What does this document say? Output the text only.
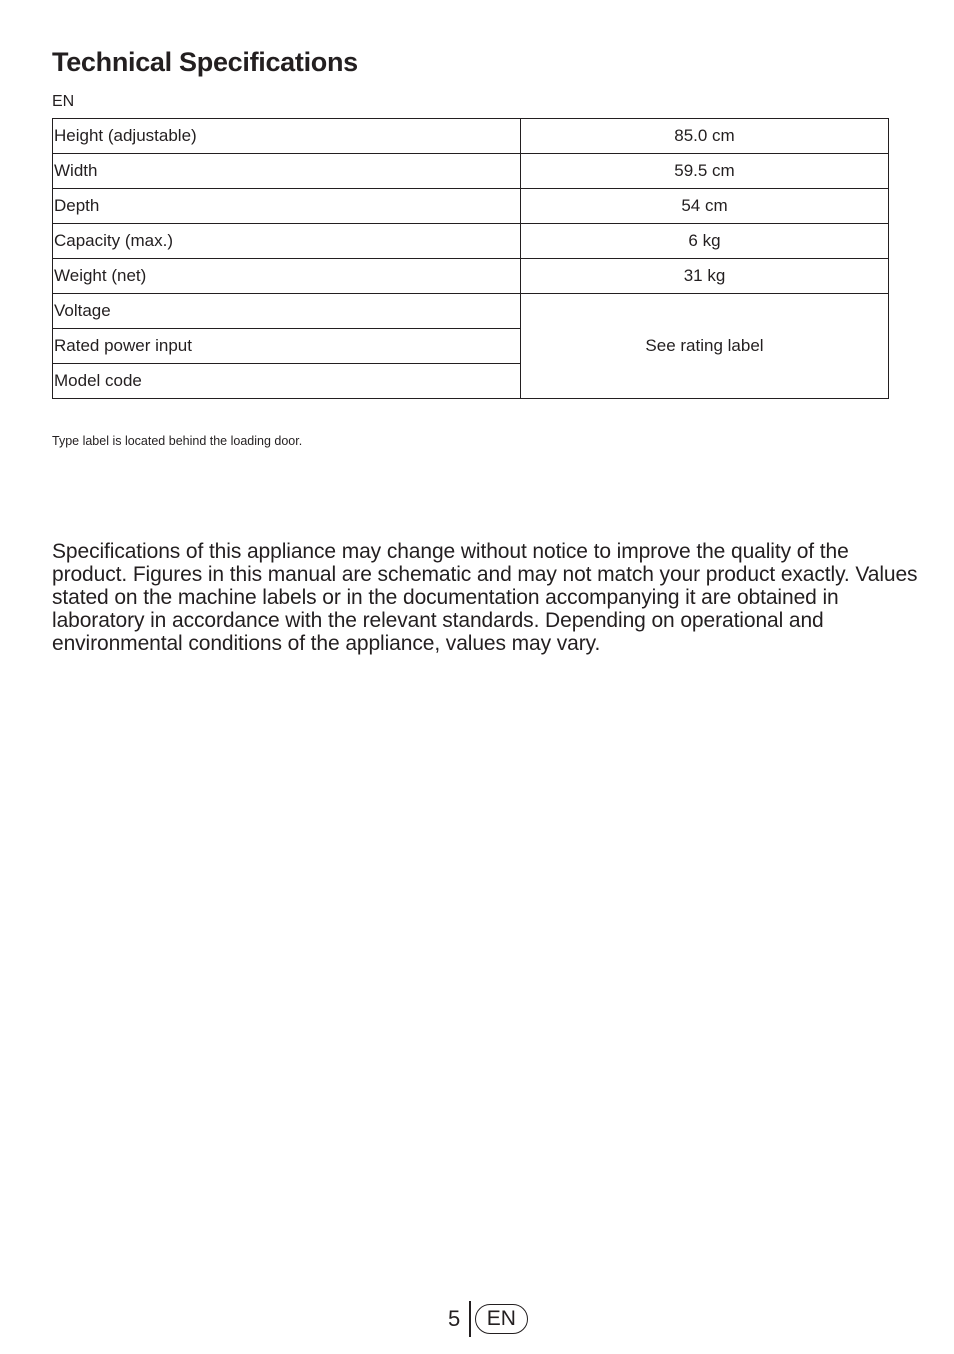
Technical Specifications
EN
Height (adjustable)	85.0 cm
Width	59.5 cm
Depth	54 cm
Capacity (max.)	6 kg
Weight (net)	31 kg
Voltage	See rating label
Rated power input	
Model code	
Type label is located behind the loading door.

Specifications of this appliance may change without notice to improve the quality of the product. Figures in this manual are schematic and may not match your product exactly. Values stated on the machine labels or in the documentation accompanying it are obtained in laboratory in accordance with the relevant standards. Depending on operational and environmental conditions of the appliance, values may vary.

5	EN
